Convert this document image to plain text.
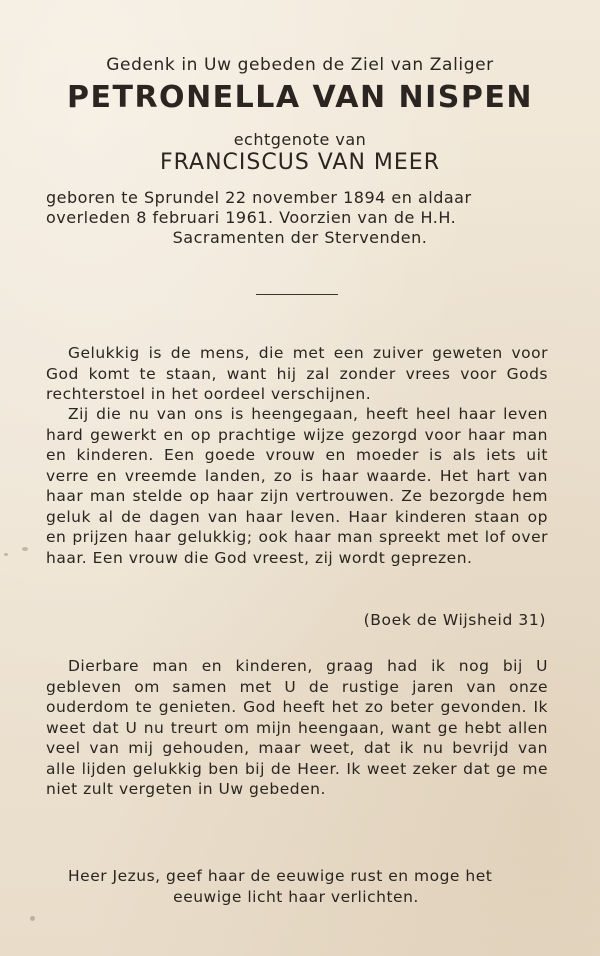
Gedenk in Uw gebeden de Ziel van Zaliger
PETRONELLA VAN NISPEN
echtgenote van
FRANCISCUS VAN MEER
geboren te Sprundel 22 november 1894 en aldaar
overleden 8 februari 1961. Voorzien van de H.H.
Sacramenten der Stervenden.

Gelukkig is de mens, die met een zuiver geweten voor God komt te staan, want hij zal zonder vrees voor Gods rechterstoel in het oordeel verschijnen.

Zij die nu van ons is heengegaan, heeft heel haar leven hard gewerkt en op prachtige wijze gezorgd voor haar man en kinderen. Een goede vrouw en moeder is als iets uit verre en vreemde landen, zo is haar waarde. Het hart van haar man stelde op haar zijn vertrouwen. Ze bezorgde hem geluk al de dagen van haar leven. Haar kinderen staan op en prijzen haar gelukkig; ook haar man spreekt met lof over haar. Een vrouw die God vreest, zij wordt geprezen.

(Boek de Wijsheid 31)

Dierbare man en kinderen, graag had ik nog bij U gebleven om samen met U de rustige jaren van onze ouderdom te genieten. God heeft het zo beter gevonden. Ik weet dat U nu treurt om mijn heengaan, want ge hebt allen veel van mij gehouden, maar weet, dat ik nu bevrijd van alle lijden gelukkig ben bij de Heer. Ik weet zeker dat ge me niet zult vergeten in Uw gebeden.

Heer Jezus, geef haar de eeuwige rust en moge het
eeuwige licht haar verlichten.
